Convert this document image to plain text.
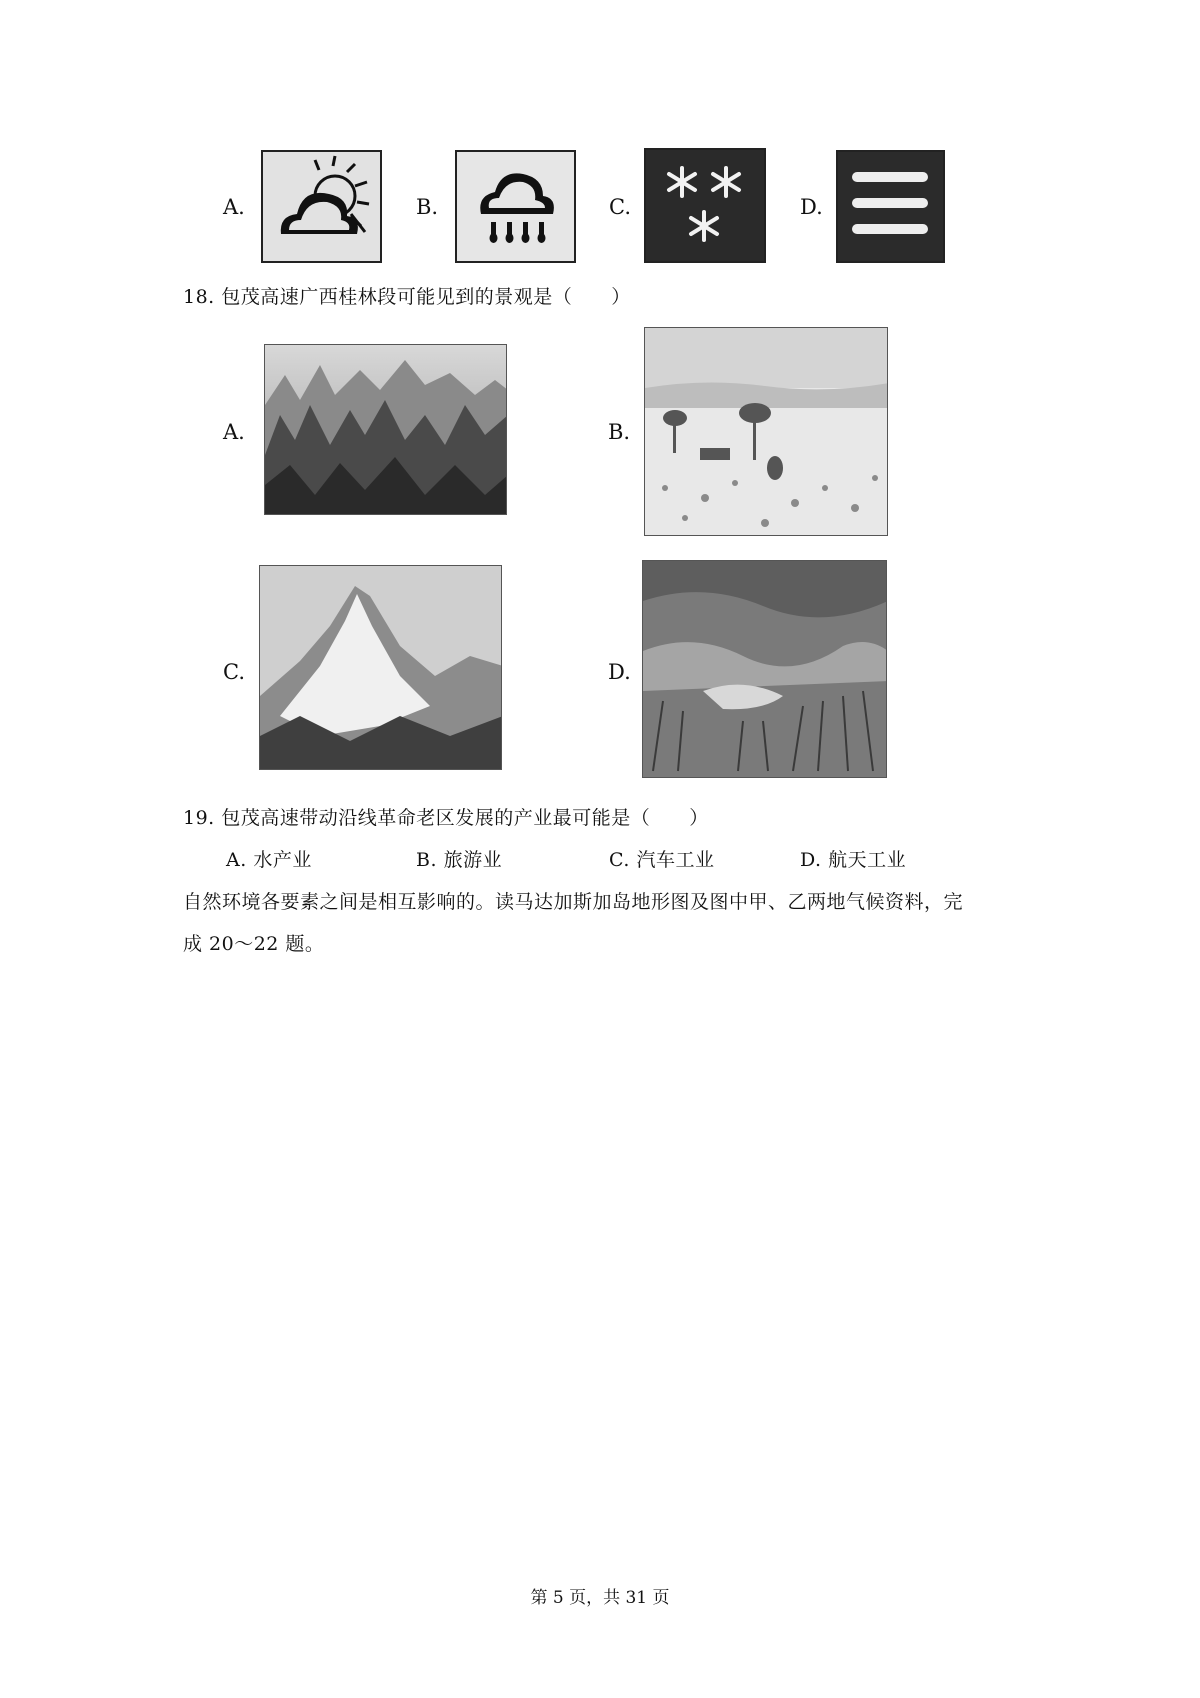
A.	B.	C.	D.
18. 包茂高速广西桂林段可能见到的景观是（　　）
A.	B.
C.	D.
19. 包茂高速带动沿线革命老区发展的产业最可能是（　　）
A. 水产业	B. 旅游业	C. 汽车工业	D. 航天工业
自然环境各要素之间是相互影响的。读马达加斯加岛地形图及图中甲、乙两地气候资料，完
成 20～22 题。
第 5 页，共 31 页
